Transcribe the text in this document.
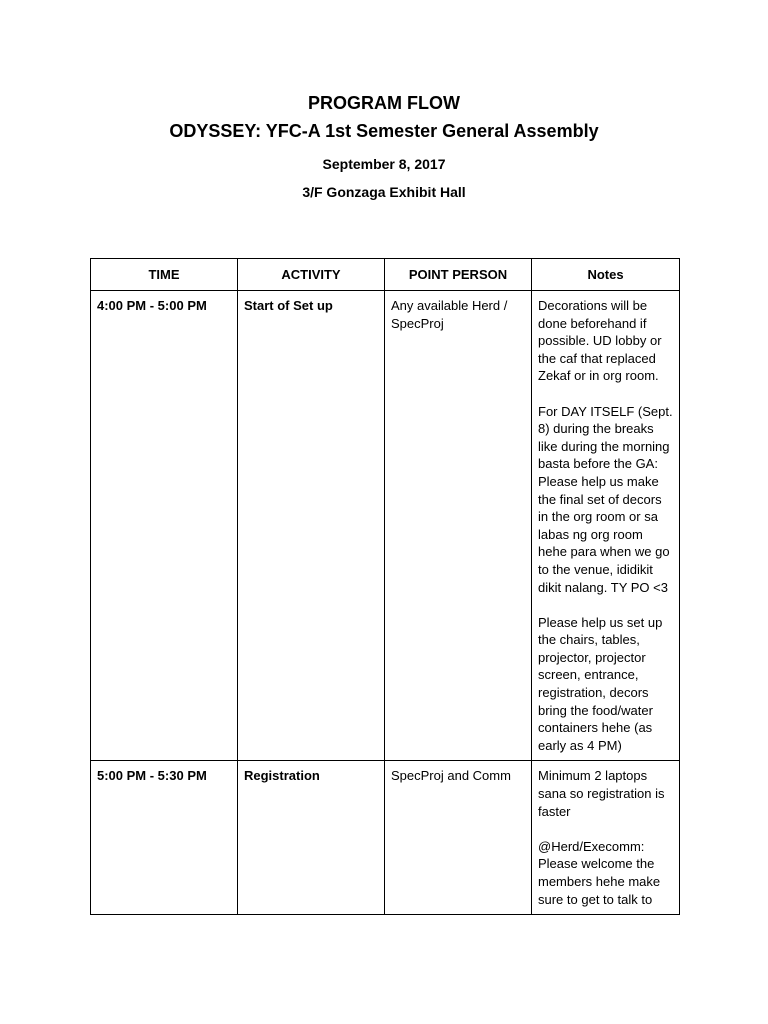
PROGRAM FLOW
ODYSSEY: YFC-A 1st Semester General Assembly
September 8, 2017
3/F Gonzaga Exhibit Hall
TIME	ACTIVITY	POINT PERSON	Notes
4:00 PM - 5:00 PM	Start of Set up	Any available Herd / SpecProj	Decorations will be done beforehand if possible. UD lobby or the caf that replaced Zekaf or in org room.

For DAY ITSELF (Sept. 8) during the breaks like during the morning basta before the GA: Please help us make the final set of decors in the org room or sa labas ng org room hehe para when we go to the venue, ididikit dikit nalang. TY PO <3

Please help us set up the chairs, tables, projector, projector screen, entrance, registration, decors bring the food/water containers hehe (as early as 4 PM)

5:00 PM - 5:30 PM	Registration	SpecProj and Comm	Minimum 2 laptops sana so registration is faster

@Herd/Execomm: Please welcome the members hehe make sure to get to talk to
